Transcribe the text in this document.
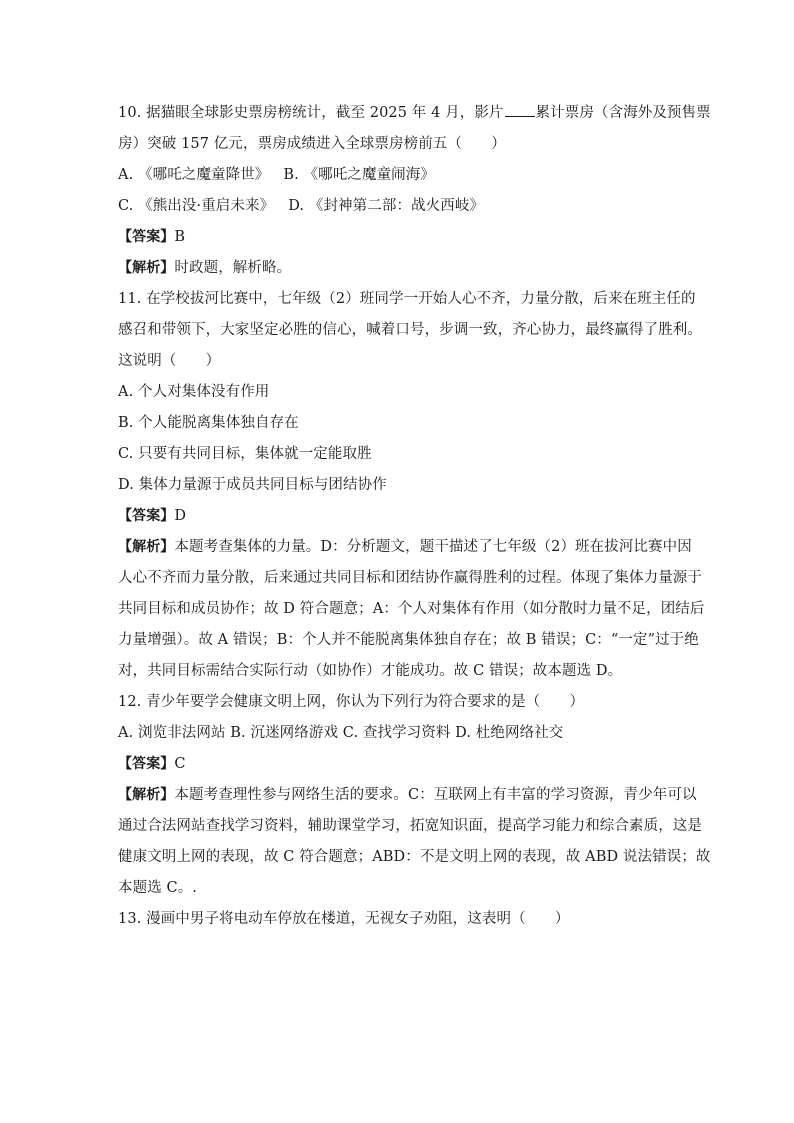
10. 据猫眼全球影史票房榜统计，截至 2025 年 4 月，影片 累计票房（含海外及预售票
房）突破 157 亿元，票房成绩进入全球票房榜前五（　　）
A. 《哪吒之魔童降世》 B. 《哪吒之魔童闹海》
C. 《熊出没·重启未来》 D. 《封神第二部：战火西岐》
【答案】B
【解析】时政题，解析略。
11. 在学校拔河比赛中，七年级（2）班同学一开始人心不齐，力量分散，后来在班主任的
感召和带领下，大家坚定必胜的信心，喊着口号，步调一致，齐心协力，最终赢得了胜利。
这说明（　　）
A. 个人对集体没有作用
B. 个人能脱离集体独自存在
C. 只要有共同目标，集体就一定能取胜
D. 集体力量源于成员共同目标与团结协作
【答案】D
【解析】本题考查集体的力量。D：分析题文，题干描述了七年级（2）班在拔河比赛中因
人心不齐而力量分散，后来通过共同目标和团结协作赢得胜利的过程。体现了集体力量源于
共同目标和成员协作；故 D 符合题意；A：个人对集体有作用（如分散时力量不足，团结后
力量增强）。故 A 错误；B：个人并不能脱离集体独自存在；故 B 错误；C：“一定”过于绝
对，共同目标需结合实际行动（如协作）才能成功。故 C 错误；故本题选 D。
12. 青少年要学会健康文明上网，你认为下列行为符合要求的是（　　）
A. 浏览非法网站 B. 沉迷网络游戏 C. 查找学习资料 D. 杜绝网络社交
【答案】C
【解析】本题考查理性参与网络生活的要求。C：互联网上有丰富的学习资源，青少年可以
通过合法网站查找学习资料，辅助课堂学习，拓宽知识面，提高学习能力和综合素质，这是
健康文明上网的表现，故 C 符合题意；ABD：不是文明上网的表现，故 ABD 说法错误；故
本题选 C。.
13. 漫画中男子将电动车停放在楼道，无视女子劝阻，这表明（　　）
